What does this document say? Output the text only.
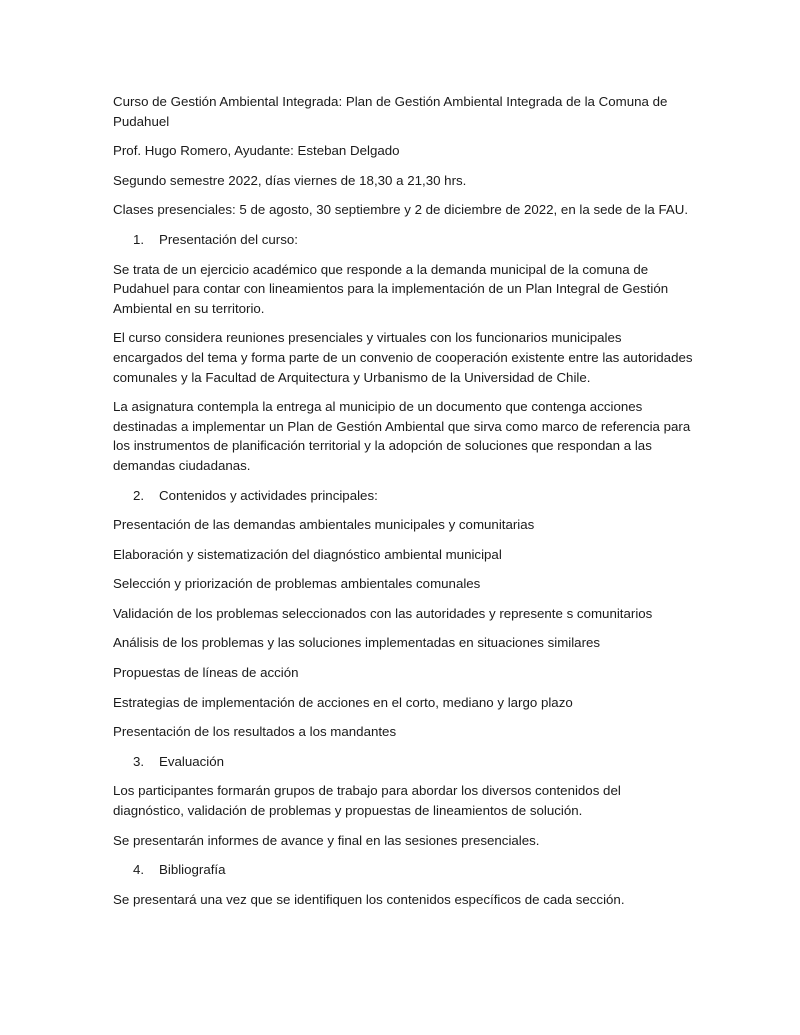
Curso de Gestión Ambiental Integrada: Plan de Gestión Ambiental Integrada de la Comuna de Pudahuel

Prof. Hugo Romero, Ayudante: Esteban Delgado

Segundo semestre 2022, días viernes de 18,30 a 21,30 hrs.

Clases presenciales: 5 de agosto, 30 septiembre y 2 de diciembre de 2022, en la sede de la FAU.

1.	Presentación del curso:

Se trata de un ejercicio académico que responde a la demanda municipal de la comuna de Pudahuel para contar con lineamientos para la implementación de un Plan Integral de Gestión Ambiental en su territorio.

El curso considera reuniones presenciales y virtuales con los funcionarios municipales encargados del tema y forma parte de un convenio de cooperación existente entre las autoridades comunales y la Facultad de Arquitectura y Urbanismo de la Universidad de Chile.

La asignatura contempla la entrega al municipio de un documento que contenga acciones destinadas a implementar un Plan de Gestión Ambiental que sirva como marco de referencia para los instrumentos de planificación territorial y la adopción de soluciones que respondan a las demandas ciudadanas.

2.	Contenidos y actividades principales:

Presentación de las demandas ambientales municipales y comunitarias

Elaboración y sistematización del diagnóstico ambiental municipal

Selección y priorización de problemas ambientales comunales

Validación de los problemas seleccionados con las autoridades y represente s comunitarios

Análisis de los problemas y las soluciones implementadas en situaciones similares

Propuestas de líneas de acción

Estrategias de implementación de acciones en el corto, mediano y largo plazo

Presentación de los resultados a los mandantes

3.	Evaluación

Los participantes formarán grupos de trabajo para abordar los diversos contenidos del diagnóstico, validación de problemas y propuestas de lineamientos de solución.

Se presentarán informes de avance y final en las sesiones presenciales.

4.	Bibliografía

Se presentará una vez que se identifiquen los contenidos específicos de cada sección.
